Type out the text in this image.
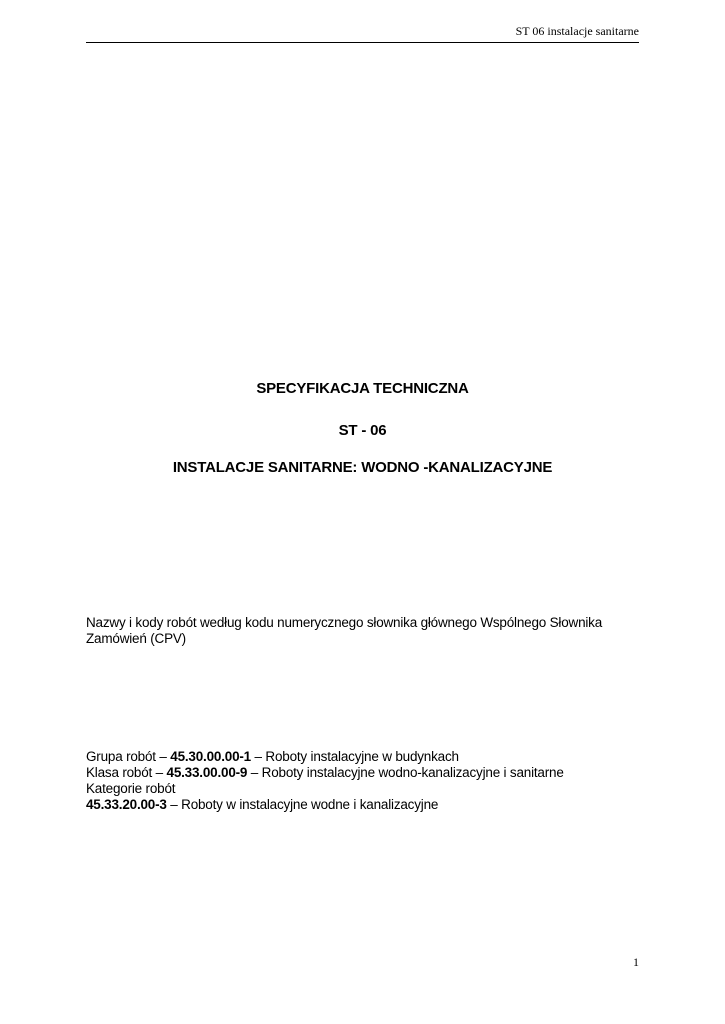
ST 06 instalacje sanitarne
SPECYFIKACJA TECHNICZNA
ST - 06
INSTALACJE SANITARNE: WODNO -KANALIZACYJNE
Nazwy i kody robót według kodu numerycznego słownika głównego Wspólnego Słownika Zamówień (CPV)
Grupa robót – 45.30.00.00-1 – Roboty instalacyjne w budynkach
Klasa robót – 45.33.00.00-9 – Roboty instalacyjne wodno-kanalizacyjne i sanitarne
Kategorie robót
45.33.20.00-3 – Roboty w instalacyjne wodne i kanalizacyjne
1
